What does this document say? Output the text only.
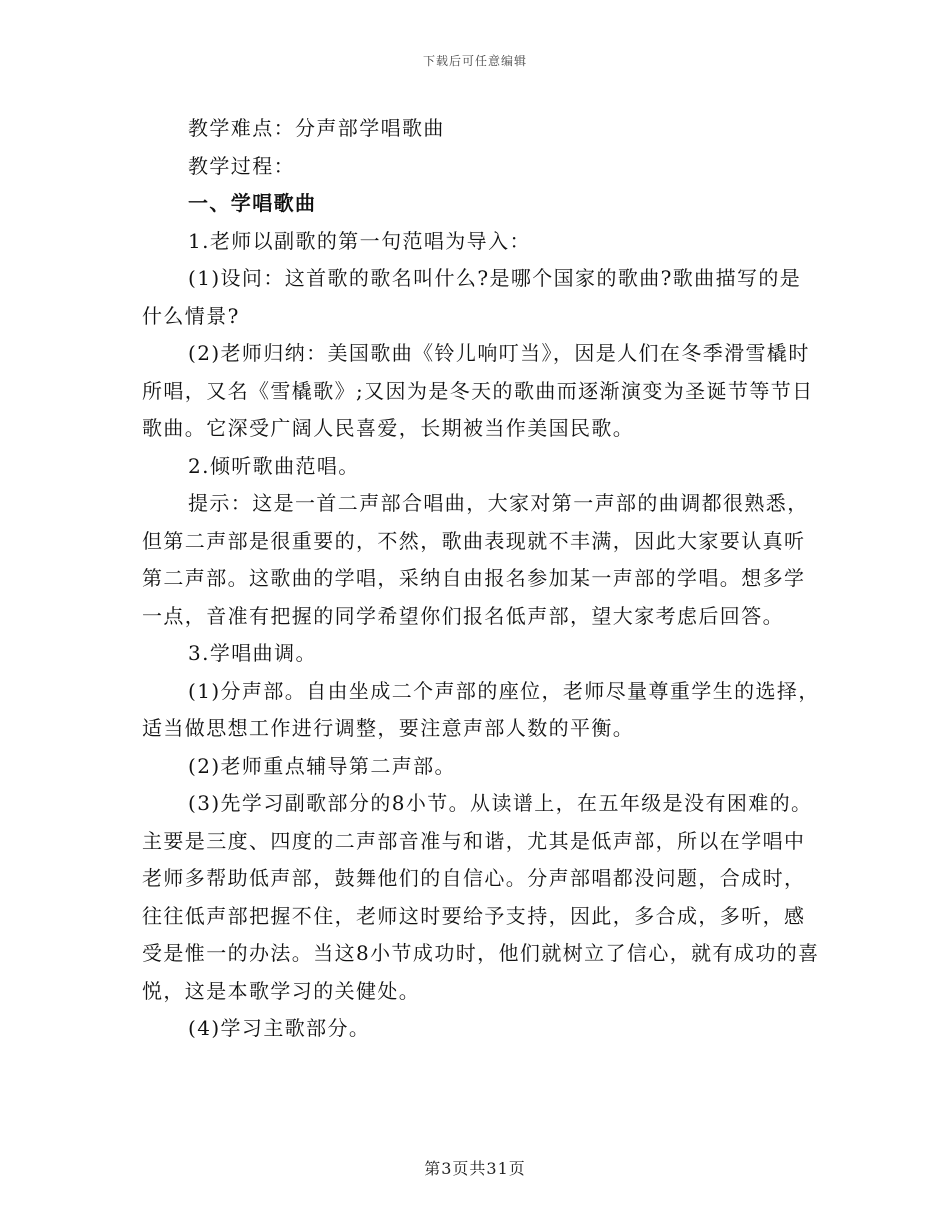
下载后可任意编辑

教学难点：分声部学唱歌曲

教学过程：

一、学唱歌曲

1.老师以副歌的第一句范唱为导入：

(1)设问：这首歌的歌名叫什么?是哪个国家的歌曲?歌曲描写的是什么情景?

(2)老师归纳：美国歌曲《铃儿响叮当》，因是人们在冬季滑雪橇时所唱，又名《雪橇歌》;又因为是冬天的歌曲而逐渐演变为圣诞节等节日歌曲。它深受广阔人民喜爱，长期被当作美国民歌。

2.倾听歌曲范唱。

提示：这是一首二声部合唱曲，大家对第一声部的曲调都很熟悉，但第二声部是很重要的，不然，歌曲表现就不丰满，因此大家要认真听第二声部。这歌曲的学唱，采纳自由报名参加某一声部的学唱。想多学一点，音准有把握的同学希望你们报名低声部，望大家考虑后回答。

3.学唱曲调。

(1)分声部。自由坐成二个声部的座位，老师尽量尊重学生的选择，适当做思想工作进行调整，要注意声部人数的平衡。

(2)老师重点辅导第二声部。

(3)先学习副歌部分的8小节。从读谱上，在五年级是没有困难的。主要是三度、四度的二声部音准与和谐，尤其是低声部，所以在学唱中老师多帮助低声部，鼓舞他们的自信心。分声部唱都没问题，合成时，往往低声部把握不住，老师这时要给予支持，因此，多合成，多听，感受是惟一的办法。当这8小节成功时，他们就树立了信心，就有成功的喜悦，这是本歌学习的关健处。

(4)学习主歌部分。

第3页共31页
